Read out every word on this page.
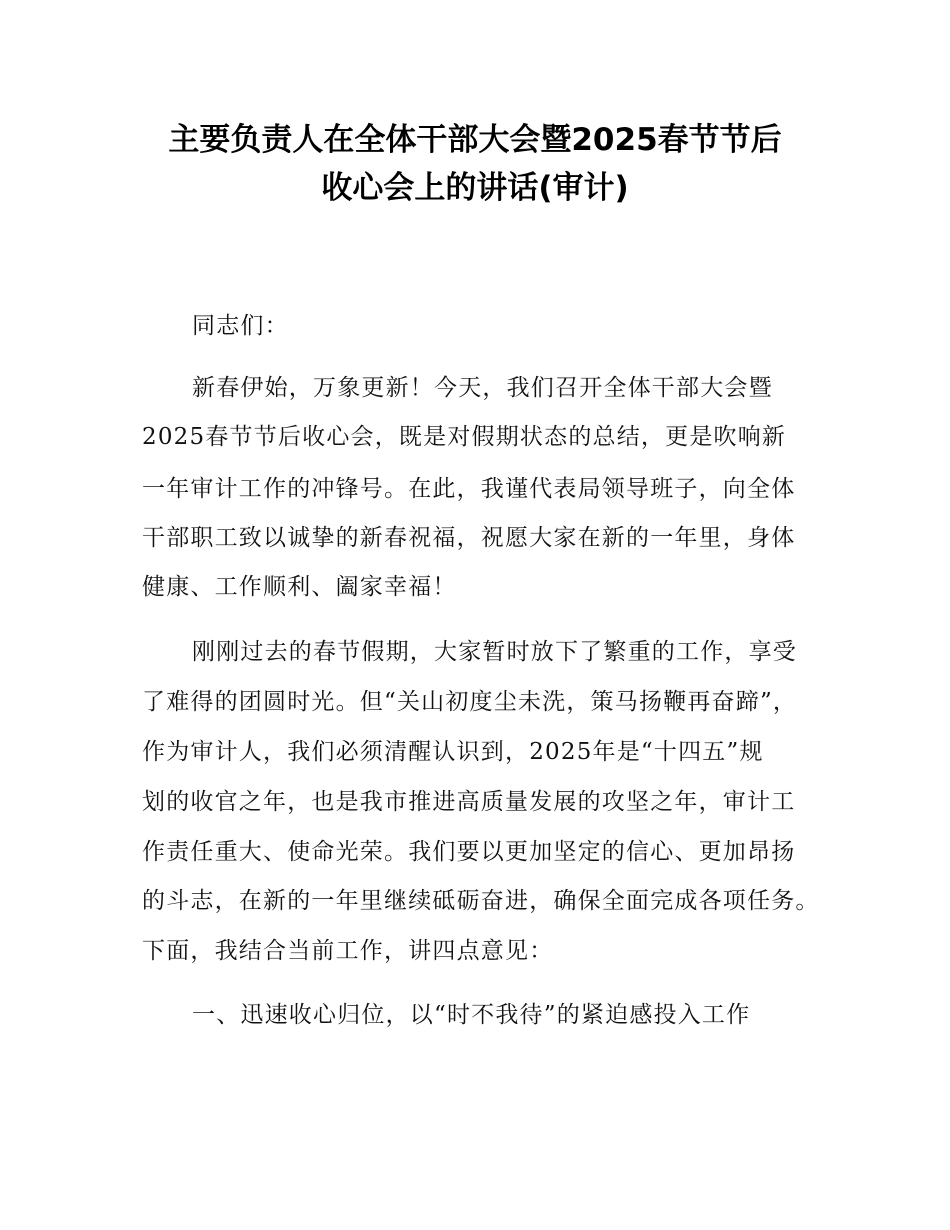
主要负责人在全体干部大会暨2025春节节后
收心会上的讲话(审计)
同志们：
新春伊始，万象更新！今天，我们召开全体干部大会暨
2025春节节后收心会，既是对假期状态的总结，更是吹响新
一年审计工作的冲锋号。在此，我谨代表局领导班子，向全体
干部职工致以诚挚的新春祝福，祝愿大家在新的一年里，身体
健康、工作顺利、阖家幸福！
刚刚过去的春节假期，大家暂时放下了繁重的工作，享受
了难得的团圆时光。但“关山初度尘未洗，策马扬鞭再奋蹄”，
作为审计人，我们必须清醒认识到，2025年是“十四五”规
划的收官之年，也是我市推进高质量发展的攻坚之年，审计工
作责任重大、使命光荣。我们要以更加坚定的信心、更加昂扬
的斗志，在新的一年里继续砥砺奋进，确保全面完成各项任务。
下面，我结合当前工作，讲四点意见：
一、迅速收心归位，以“时不我待”的紧迫感投入工作
